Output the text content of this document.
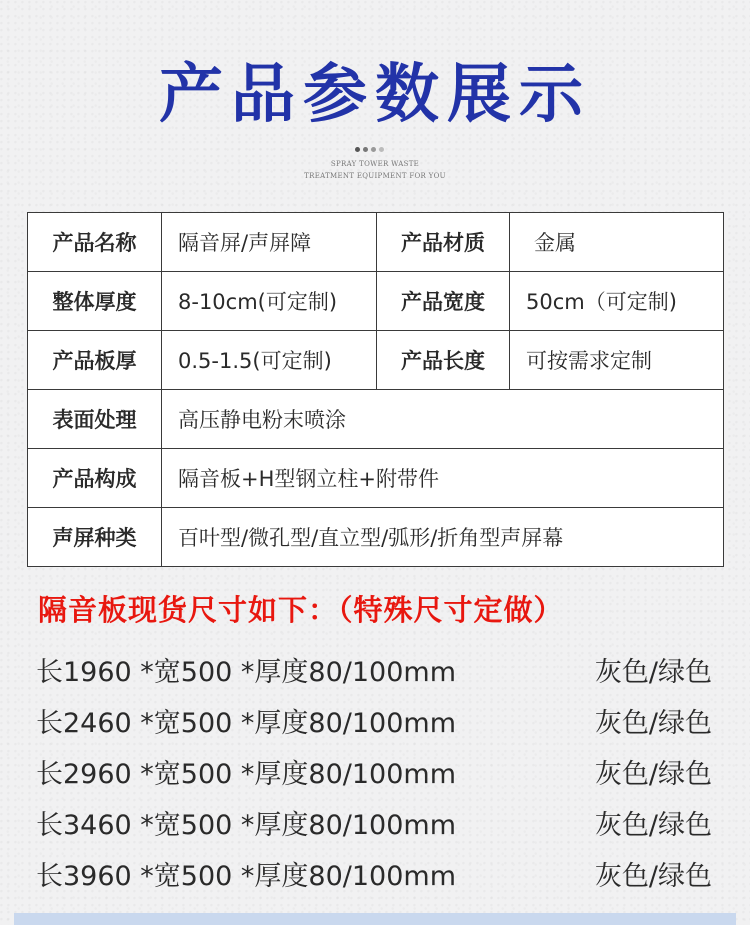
产品参数展示
SPRAY TOWER WASTE
TREATMENT EQUIPMENT FOR YOU
产品名称	隔音屏/声屏障	产品材质	金属
整体厚度	8-10cm(可定制)	产品宽度	50cm（可定制)
产品板厚	0.5-1.5(可定制)	产品长度	可按需求定制
表面处理	高压静电粉末喷涂		
产品构成	隔音板+H型钢立柱+附带件		
声屏种类	百叶型/微孔型/直立型/弧形/折角型声屏幕		
隔音板现货尺寸如下：（特殊尺寸定做）
长1960 *宽500 *厚度80/100mm	灰色/绿色
长2460 *宽500 *厚度80/100mm	灰色/绿色
长2960 *宽500 *厚度80/100mm	灰色/绿色
长3460 *宽500 *厚度80/100mm	灰色/绿色
长3960 *宽500 *厚度80/100mm	灰色/绿色
